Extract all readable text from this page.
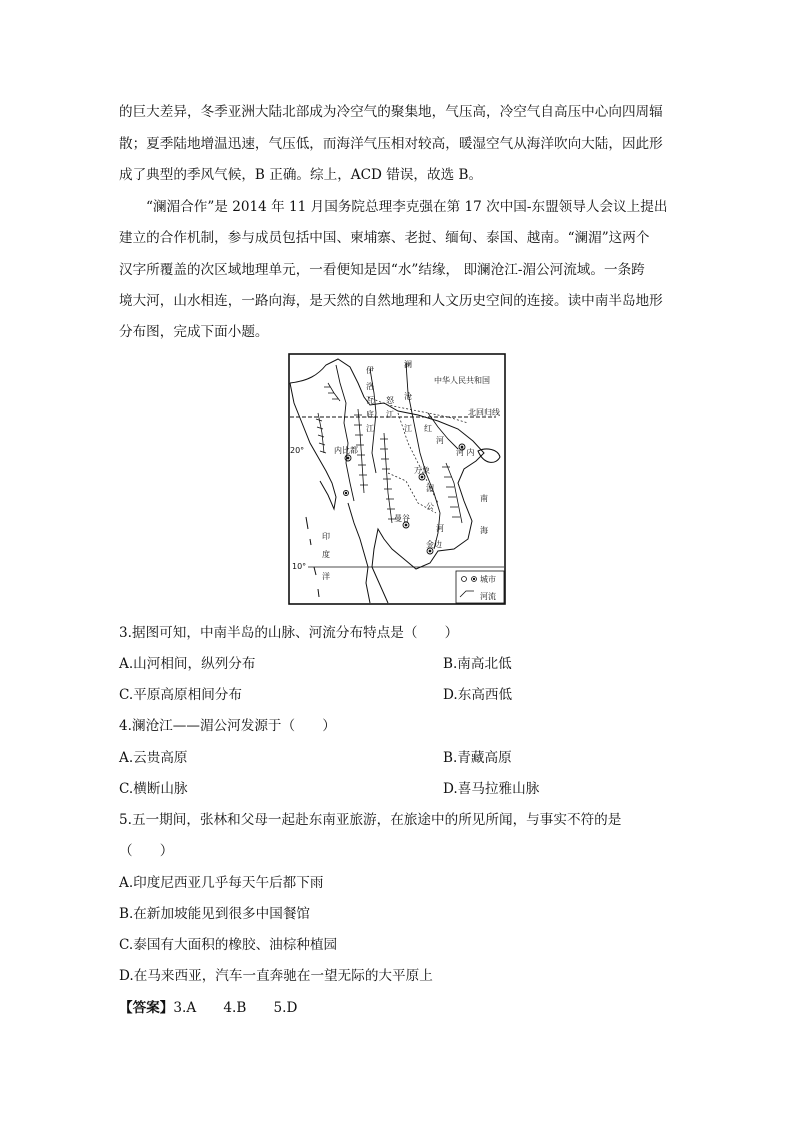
的巨大差异，冬季亚洲大陆北部成为冷空气的聚集地，气压高，冷空气自高压中心向四周辐
散；夏季陆地增温迅速，气压低，而海洋气压相对较高，暖湿空气从海洋吹向大陆，因此形
成了典型的季风气候，B 正确。综上，ACD 错误，故选 B。
“澜湄合作”是 2014 年 11 月国务院总理李克强在第 17 次中国-东盟领导人会议上提出
建立的合作机制，参与成员包括中国、柬埔寨、老挝、缅甸、泰国、越南。“澜湄”这两个
汉字所覆盖的次区域地理单元，一看便知是因“水”结缘， 即澜沧江-湄公河流域。一条跨
境大河，山水相连，一路向海，是天然的自然地理和人文历史空间的连接。读中南半岛地形
分布图，完成下面小题。
中华人民共和国
北回归线
20°
10°
澜
沧
江
伊
洛
瓦
底
江
怒
江
红
河
河 内
内比都
万象
湄
公
河
曼谷
金边
南
海
印
度
洋	城市
河流
3.据图可知，中南半岛的山脉、河流分布特点是（　　）
A.山河相间，纵列分布	B.南高北低
C.平原高原相间分布	D.东高西低
4.澜沧江——湄公河发源于（　　）
A.云贵高原	B.青藏高原
C.横断山脉	D.喜马拉雅山脉
5.五一期间，张林和父母一起赴东南亚旅游，在旅途中的所见所闻，与事实不符的是
（　　）
A.印度尼西亚几乎每天午后都下雨
B.在新加坡能见到很多中国餐馆
C.泰国有大面积的橡胶、油棕种植园
D.在马来西亚，汽车一直奔驰在一望无际的大平原上
【答案】3.A　　4.B　　5.D
